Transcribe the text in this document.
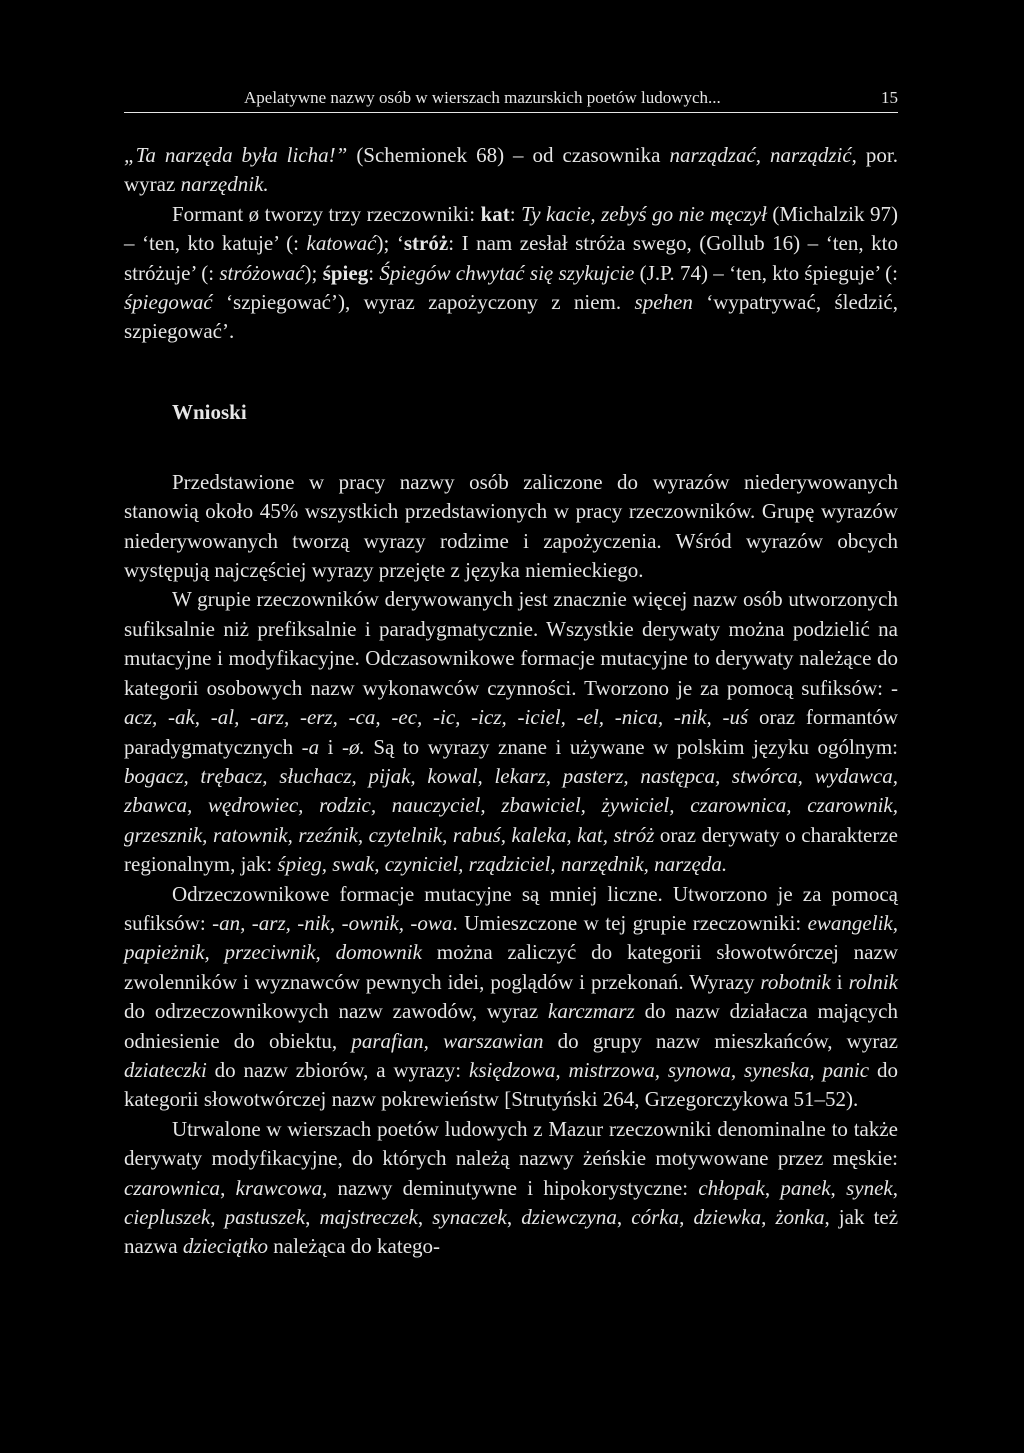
Apelatywne nazwy osób w wierszach mazurskich poetów ludowych...	15

„Ta narzęda była licha!” (Schemionek 68) – od czasownika narządzać, narządzić, por. wyraz narzędnik.

Formant ø tworzy trzy rzeczowniki: kat: Ty kacie, zebyś go nie męczył (Michalzik 97) – ‘ten, kto katuje’ (: katować); ‘stróż: I nam zesłał stróża swego, (Gollub 16) – ‘ten, kto stróżuje’ (: stróżować); śpieg: Śpiegów chwytać się szykujcie (J.P. 74) – ‘ten, kto śpieguje’ (: śpiegować ‘szpiegować’), wyraz zapożyczony z niem. spehen ‘wypatrywać, śledzić, szpiegować’.

Wnioski

Przedstawione w pracy nazwy osób zaliczone do wyrazów niederywowanych stanowią około 45% wszystkich przedstawionych w pracy rzeczowników. Grupę wyrazów niederywowanych tworzą wyrazy rodzime i zapożyczenia. Wśród wyrazów obcych występują najczęściej wyrazy przejęte z języka niemieckiego.

W grupie rzeczowników derywowanych jest znacznie więcej nazw osób utworzonych sufiksalnie niż prefiksalnie i paradygmatycznie. Wszystkie derywaty można podzielić na mutacyjne i modyfikacyjne. Odczasownikowe formacje mutacyjne to derywaty należące do kategorii osobowych nazw wykonawców czynności. Tworzono je za pomocą sufiksów: -acz, -ak, -al, -arz, -erz, -ca, -ec, -ic, -icz, -iciel, -el, -nica, -nik, -uś oraz formantów paradygmatycznych -a i -ø. Są to wyrazy znane i używane w polskim języku ogólnym: bogacz, trębacz, słuchacz, pijak, kowal, lekarz, pasterz, następca, stwórca, wydawca, zbawca, wędrowiec, rodzic, nauczyciel, zbawiciel, żywiciel, czarownica, czarownik, grzesznik, ratownik, rzeźnik, czytelnik, rabuś, kaleka, kat, stróż oraz derywaty o charakterze regionalnym, jak: śpieg, swak, czyniciel, rządziciel, narzędnik, narzęda.

Odrzeczownikowe formacje mutacyjne są mniej liczne. Utworzono je za pomocą sufiksów: -an, -arz, -nik, -ownik, -owa. Umieszczone w tej grupie rzeczowniki: ewangelik, papieżnik, przeciwnik, domownik można zaliczyć do kategorii słowotwórczej nazw zwolenników i wyznawców pewnych idei, poglądów i przekonań. Wyrazy robotnik i rolnik do odrzeczownikowych nazw zawodów, wyraz karczmarz do nazw działacza mających odniesienie do obiektu, parafian, warszawian do grupy nazw mieszkańców, wyraz dziateczki do nazw zbiorów, a wyrazy: księdzowa, mistrzowa, synowa, syneska, panic do kategorii słowotwórczej nazw pokrewieństw [Strutyński 264, Grzegorczykowa 51–52).

Utrwalone w wierszach poetów ludowych z Mazur rzeczowniki denominalne to także derywaty modyfikacyjne, do których należą nazwy żeńskie motywowane przez męskie: czarownica, krawcowa, nazwy deminutywne i hipokorystyczne: chłopak, panek, synek, ciepluszek, pastuszek, majstreczek, synaczek, dziewczyna, córka, dziewka, żonka, jak też nazwa dzieciątko należąca do katego-
